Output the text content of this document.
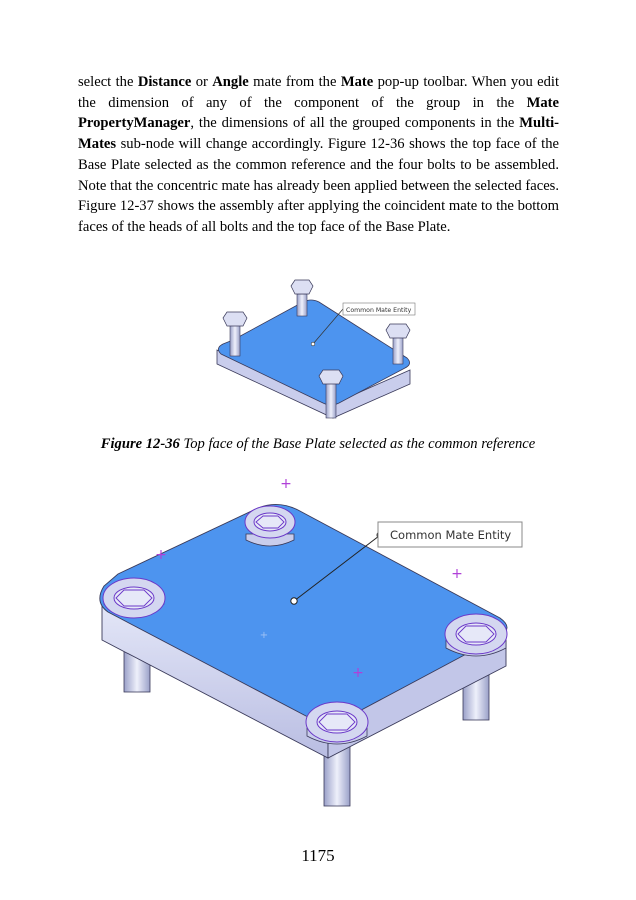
select the Distance or Angle mate from the Mate pop-up toolbar. When you edit the dimension of any of the component of the group in the Mate PropertyManager, the dimensions of all the grouped components in the Multi-Mates sub-node will change accordingly. Figure 12-36 shows the top face of the Base Plate selected as the common reference and the four bolts to be assembled. Note that the concentric mate has already been applied between the selected faces. Figure 12-37 shows the assembly after applying the coincident mate to the bottom faces of the heads of all bolts and the top face of the Base Plate.

Common Mate Entity

Figure 12-36 Top face of the Base Plate selected as the common reference

+
+
+
+
+
Common Mate Entity

1175
